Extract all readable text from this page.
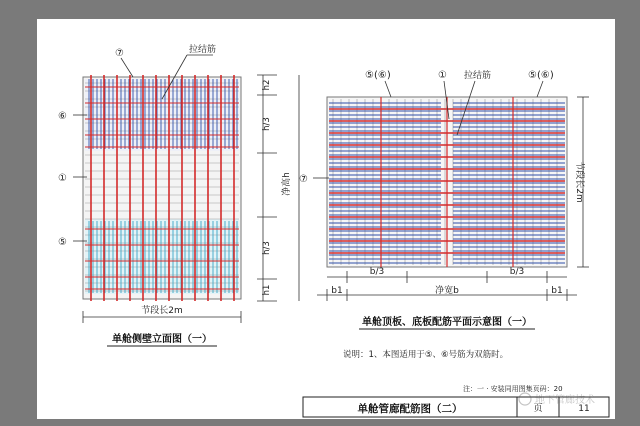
⑦	拉结筋
⑥
①
⑤
h2
h/3
净高h
h/3
h1
节段长2m
单舱侧壁立面图（一）
⑤(⑥)	① 拉结筋	⑤(⑥)
⑦	节段长2m
b/3	b/3
b1	净宽b	b1
单舱顶板、底板配筋平面示意图（一）
说明：1、本图适用于⑤、⑥号筋为双筋时。
注：一 · 安装同用图集页码：20
单舱管廊配筋图（二）	页	11
地下管廊技术
